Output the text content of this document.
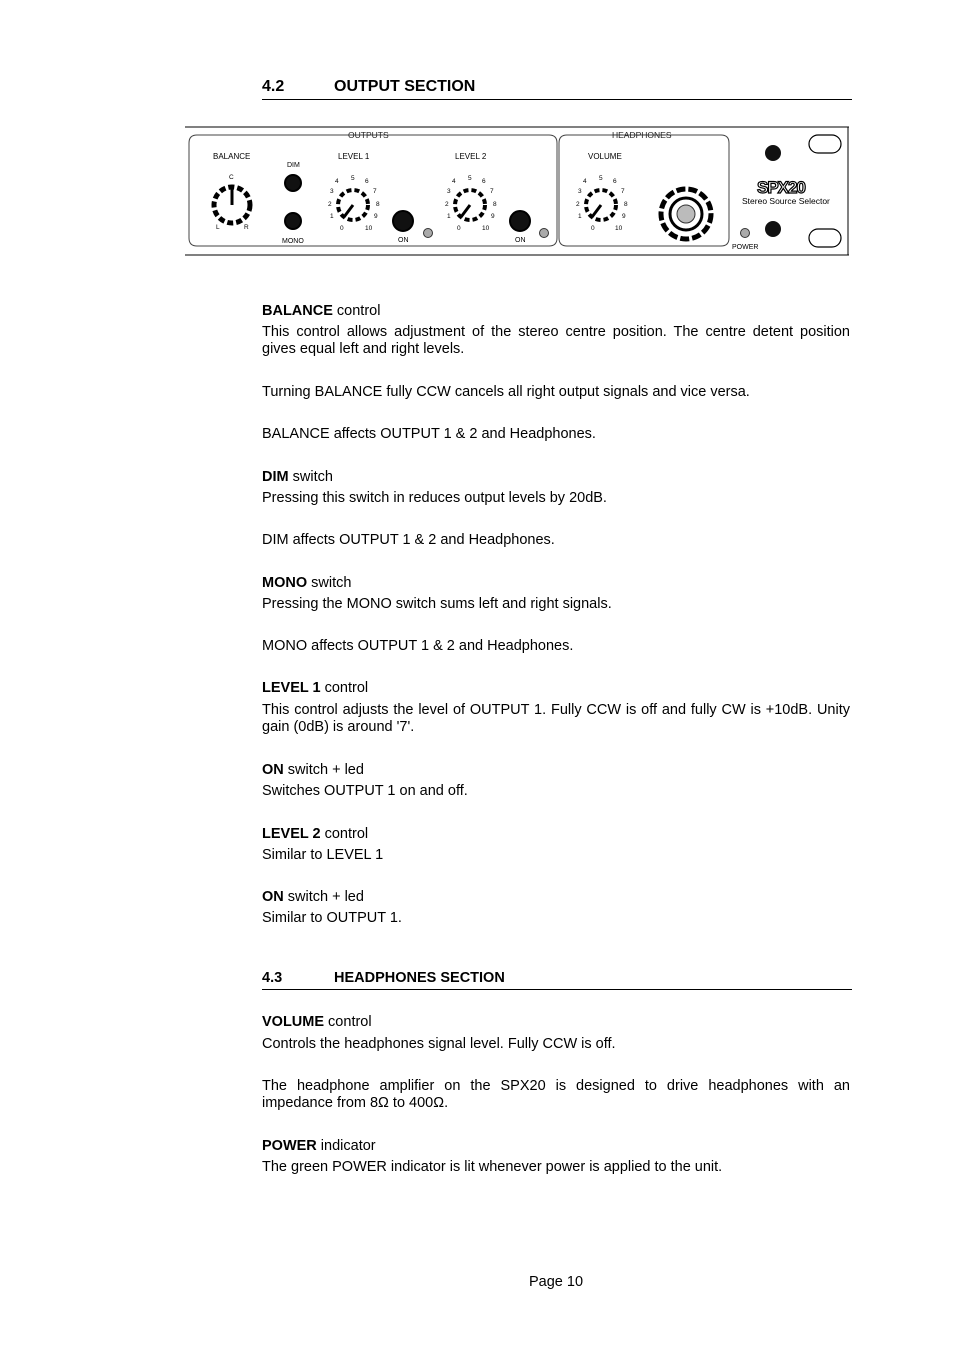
4.2	OUTPUT SECTION
OUTPUTS	HEADPHONES
BALANCE
C
L	R
DIM
MONO
LEVEL 1
4 5 6
3	7
2	8
1	9
0	10
ON
LEVEL 2
4 5 6
3	7
2	8
1	9
0	10
ON
VOLUME
4 5 6
3	7
2	8
1	9
0	10
SPX20
Stereo Source Selector
POWER

BALANCE control

This control allows adjustment of the stereo centre position. The centre detent position gives equal left and right levels.

Turning BALANCE fully CCW cancels all right output signals and vice versa.

BALANCE affects OUTPUT 1 & 2 and Headphones.

DIM switch

Pressing this switch in reduces output levels by 20dB.

DIM affects OUTPUT 1 & 2 and Headphones.

MONO switch

Pressing the MONO switch sums left and right signals.

MONO affects OUTPUT 1 & 2 and Headphones.

LEVEL 1 control

This control adjusts the level of OUTPUT 1. Fully CCW is off and fully CW is +10dB. Unity gain (0dB) is around '7'.

ON switch + led

Switches OUTPUT 1 on and off.

LEVEL 2 control

Similar to LEVEL 1

ON switch + led

Similar to OUTPUT 1.

4.3	HEADPHONES SECTION

VOLUME control

Controls the headphones signal level. Fully CCW is off.

The headphone amplifier on the SPX20 is designed to drive headphones with an impedance from 8Ω to 400Ω.

POWER indicator

The green POWER indicator is lit whenever power is applied to the unit.

Page 10
